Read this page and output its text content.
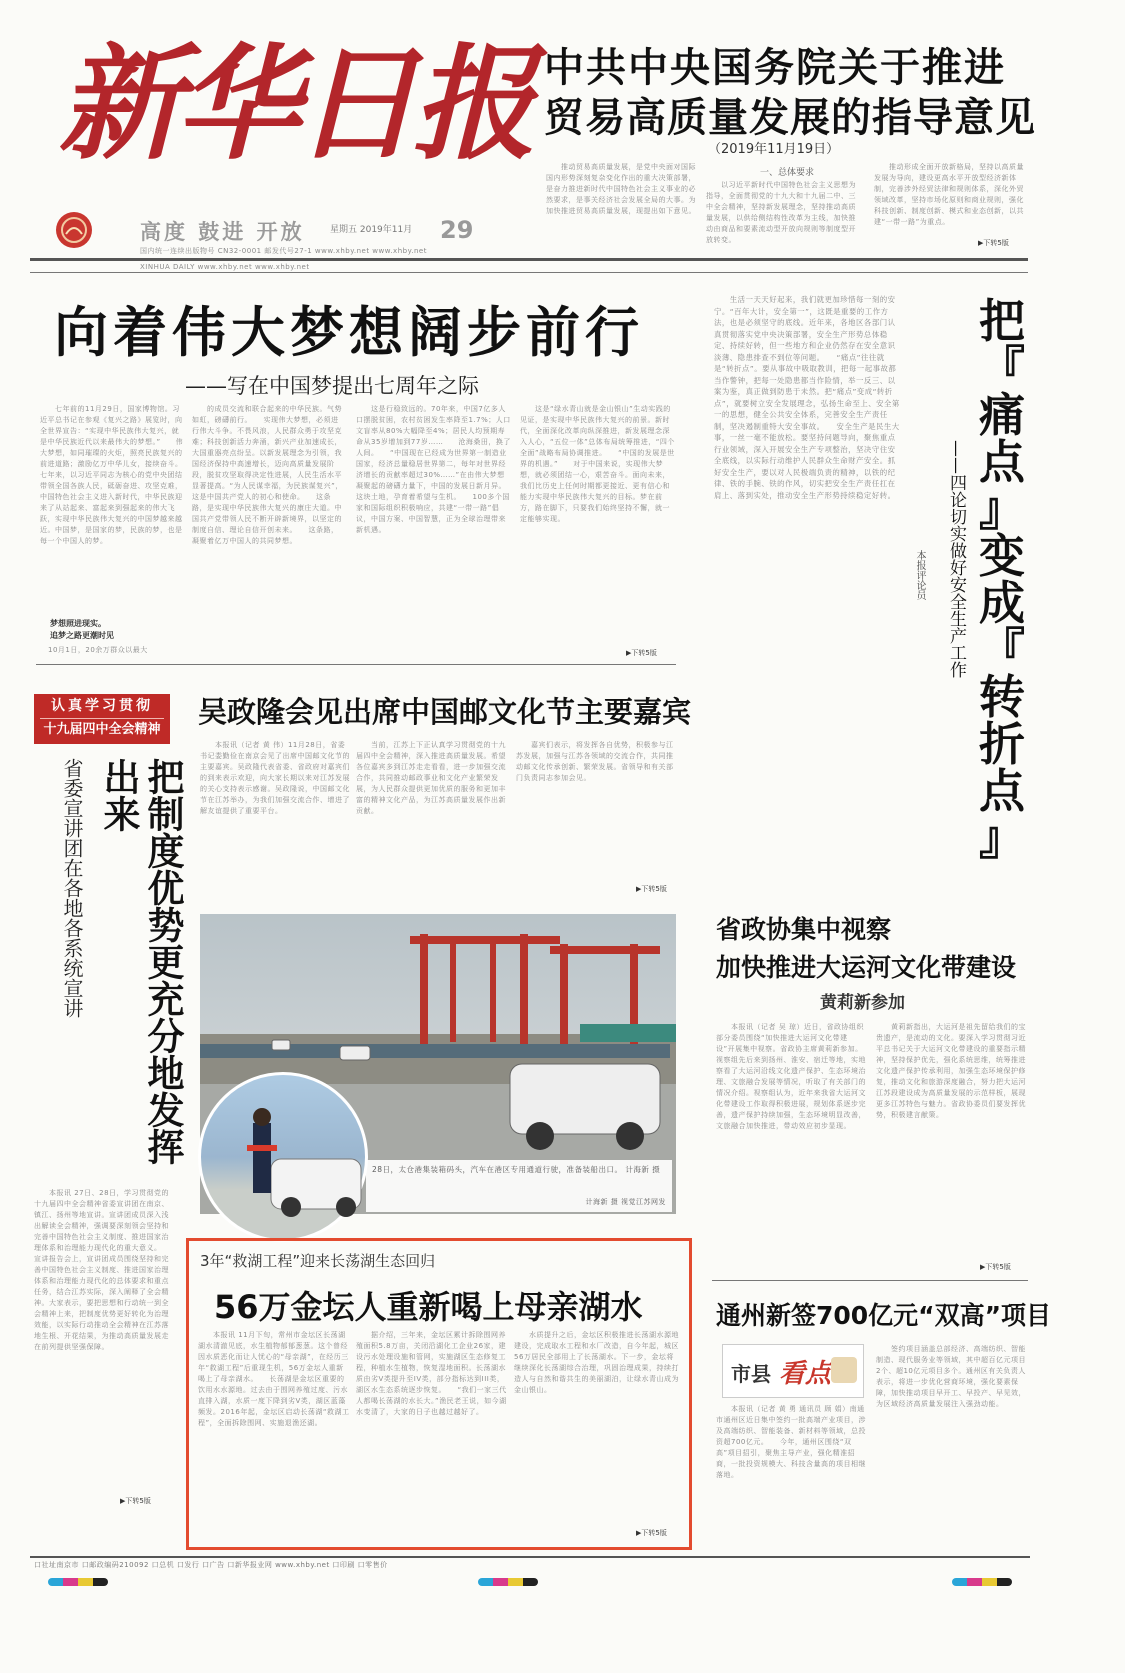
新华日报
高度 鼓进 开放	星期五 2019年11月	29
国内统一连续出版物号 CN32-0001 邮发代号27-1 www.xhby.net www.xhby.net
中共中央国务院关于推进
贸易高质量发展的指导意见
（2019年11月19日）
　　推动贸易高质量发展，是党中央面对国际国内形势深刻复杂变化作出的重大决策部署，是奋力推进新时代中国特色社会主义事业的必然要求，是事关经济社会发展全局的大事。为加快推进贸易高质量发展，现提出如下意见。
一、总体要求
　　以习近平新时代中国特色社会主义思想为指导，全面贯彻党的十九大和十九届二中、三中全会精神，坚持新发展理念，坚持推动高质量发展，以供给侧结构性改革为主线，加快推动由商品和要素流动型开放向规则等制度型开放转变。
　　推动形成全面开放新格局，坚持以高质量发展为导向，建设更高水平开放型经济新体制，完善涉外经贸法律和规则体系，深化外贸领域改革，坚持市场化原则和商业规则，强化科技创新、制度创新、模式和业态创新，以共建“一带一路”为重点。
▶下转5版
XINHUA DAILY www.xhby.net www.xhby.net
向着伟大梦想阔步前行
——写在中国梦提出七周年之际
　　七年前的11月29日，国家博物馆。习近平总书记在参观《复兴之路》展览时，向全世界宣告：“实现中华民族伟大复兴，就是中华民族近代以来最伟大的梦想。”　　伟大梦想，如同璀璨的火炬，照亮民族复兴的前进道路；激励亿万中华儿女，接续奋斗。七年来，以习近平同志为核心的党中央团结带领全国各族人民，砥砺奋进、攻坚克难，中国特色社会主义进入新时代，中华民族迎来了从站起来、富起来到强起来的伟大飞跃，实现中华民族伟大复兴的中国梦越来越近。中国梦，是国家的梦，民族的梦，也是每一个中国人的梦。
梦想照进现实。
追梦之路更潮时见
10月1日，20余万群众以最大
　　的成员交流和联合起来的中华民族。气势如虹，磅礴前行。　　实现伟大梦想，必须进行伟大斗争。不畏风浪，人民群众勇于攻坚克难；科技创新活力奔涌，新兴产业加速成长，大国重器亮点纷呈。以新发展理念为引领，我国经济保持中高速增长，迈向高质量发展阶段，脱贫攻坚取得决定性进展，人民生活水平显著提高。“为人民谋幸福，为民族谋复兴”，这是中国共产党人的初心和使命。　　这条路，是实现中华民族伟大复兴的康庄大道。中国共产党带领人民不断开辟新境界，以坚定的制度自信、理论自信开创未来。　　这条路，凝聚着亿万中国人的共同梦想。
　　这是行稳致远的。70年来，中国7亿多人口摆脱贫困，农村贫困发生率降至1.7%；人口文盲率从80%大幅降至4%；居民人均预期寿命从35岁增加到77岁……　　沧海桑田，换了人间。　　“中国现在已经成为世界第一制造业国家，经济总量稳居世界第二，每年对世界经济增长的贡献率超过30%……”在由伟大梦想凝聚起的磅礴力量下，中国的发展日新月异。　　这块土地，孕育着希望与生机。　　100多个国家和国际组织积极响应，共建“一带一路”倡议，中国方案、中国智慧，正为全球治理带来新机遇。
　　这是“绿水青山就是金山银山”生动实践的见证，是实现中华民族伟大复兴的前景。新时代，全面深化改革向纵深推进，新发展理念深入人心，“五位一体”总体布局统筹推进，“四个全面”战略布局协调推进。　　“中国的发展是世界的机遇。”　　对于中国来说，实现伟大梦想，就必须团结一心，艰苦奋斗。面向未来，我们比历史上任何时期都更接近、更有信心和能力实现中华民族伟大复兴的目标。梦在前方，路在脚下，只要我们始终坚持不懈，就一定能够实现。
▶下转5版
　　生活一天天好起来，我们就更加珍惜每一刻的安宁。“百年大计，安全第一”，这既是重要的工作方法，也是必须坚守的底线。近年来，各地区各部门认真贯彻落实党中央决策部署，安全生产形势总体稳定、持续好转，但一些地方和企业仍然存在安全意识淡薄、隐患排查不到位等问题。　　“痛点”往往就是“转折点”。要从事故中吸取教训，把每一起事故都当作警钟，把每一处隐患都当作险情，举一反三、以案为鉴，真正做到防患于未然。把“痛点”变成“转折点”，就要树立安全发展理念，弘扬生命至上、安全第一的思想，健全公共安全体系，完善安全生产责任制，坚决遏制重特大安全事故。　　安全生产是民生大事，一丝一毫不能放松。要坚持问题导向，聚焦重点行业领域，深入开展安全生产专项整治，坚决守住安全底线，以实际行动维护人民群众生命财产安全。抓好安全生产，要以对人民极端负责的精神，以铁的纪律、铁的手腕、铁的作风，切实把安全生产责任扛在肩上、落到实处，推动安全生产形势持续稳定好转。
把
『
痛
点
』
变
成
『
转
折
点
』
——四论切实做好安全生产工作
本报评论员
认真学习贯彻
十九届四中全会精神
省委宣讲团在各地各系统宣讲	把制度优势更充分地发挥出来
　　本报讯 27日、28日，学习贯彻党的十九届四中全会精神省委宣讲团在南京、镇江、扬州等地宣讲。宣讲团成员深入浅出解读全会精神，强调要深刻领会坚持和完善中国特色社会主义制度、推进国家治理体系和治理能力现代化的重大意义。　　宣讲报告会上，宣讲团成员围绕坚持和完善中国特色社会主义制度、推进国家治理体系和治理能力现代化的总体要求和重点任务，结合江苏实际，深入阐释了全会精神。大家表示，要把思想和行动统一到全会精神上来，把制度优势更好转化为治理效能，以实际行动推动全会精神在江苏落地生根、开花结果，为推动高质量发展走在前列提供坚强保障。
▶下转5版
吴政隆会见出席中国邮文化节主要嘉宾
　　本报讯（记者 黄 伟）11月28日，省委书记娄勤俭在南京会见了出席中国邮文化节的主要嘉宾。吴政隆代表省委、省政府对嘉宾们的到来表示欢迎，向大家长期以来对江苏发展的关心支持表示感谢。吴政隆说，中国邮文化节在江苏举办，为我们加强交流合作、增进了解友谊提供了重要平台。
　　当前，江苏上下正认真学习贯彻党的十九届四中全会精神，深入推进高质量发展。希望各位嘉宾多到江苏走走看看，进一步加强交流合作，共同推动邮政事业和文化产业繁荣发展，为人民群众提供更加优质的服务和更加丰富的精神文化产品，为江苏高质量发展作出新贡献。
　　嘉宾们表示，将发挥各自优势，积极参与江苏发展，加强与江苏各领域的交流合作，共同推动邮文化传承创新、繁荣发展。省领导和有关部门负责同志参加会见。
▶下转5版
28日，太仓港集装箱码头，汽车在港区专用通道行驶，准备装船出口。 计海新 摄
计海新 摄 视觉江苏网发
省政协集中视察
加快推进大运河文化带建设
黄莉新参加
　　本报讯（记者 吴 琼）近日，省政协组织部分委员围绕“加快推进大运河文化带建设”开展集中视察。省政协主席黄莉新参加。视察组先后来到扬州、淮安、宿迁等地，实地察看了大运河沿线文化遗产保护、生态环境治理、文旅融合发展等情况，听取了有关部门的情况介绍。视察组认为，近年来我省大运河文化带建设工作取得积极进展，规划体系逐步完善，遗产保护持续加强，生态环境明显改善，文旅融合加快推进，带动效应初步显现。
　　黄莉新指出，大运河是祖先留给我们的宝贵遗产，是流动的文化。要深入学习贯彻习近平总书记关于大运河文化带建设的重要指示精神，坚持保护优先，强化系统思维，统筹推进文化遗产保护传承利用，加强生态环境保护修复，推动文化和旅游深度融合，努力把大运河江苏段建设成为高质量发展的示范样板，展现更多江苏特色与魅力。省政协委员们要发挥优势，积极建言献策。
▶下转5版
3年“救湖工程”迎来长荡湖生态回归
56万金坛人重新喝上母亲湖水
　　本报讯 11月下旬，常州市金坛区长荡湖湖水清澈见底，水生植物郁郁葱葱。这个曾经因水质恶化而让人忧心的“母亲湖”，在经历三年“救湖工程”后重现生机，56万金坛人重新喝上了母亲湖水。　　长荡湖是金坛区重要的饮用水水源地。过去由于围网养殖过度、污水直排入湖，水质一度下降到劣V类，湖区蓝藻频发。2016年起，金坛区启动长荡湖“救湖工程”，全面拆除围网、实施退渔还湖。
　　据介绍，三年来，金坛区累计拆除围网养殖面积5.8万亩，关闭沿湖化工企业26家，建设污水处理设施和管网，实施湖区生态修复工程，种植水生植物，恢复湿地面积。长荡湖水质由劣V类提升至IV类，部分指标达到III类，湖区水生态系统逐步恢复。　　“我们一家三代人都喝长荡湖的水长大。”渔民老王说，如今湖水变清了，大家的日子也越过越好了。
　　水质提升之后，金坛区积极推进长荡湖水源地建设，完成取水工程和水厂改造，自今年起，城区56万居民全部用上了长荡湖水。下一步，金坛将继续深化长荡湖综合治理，巩固治理成果，持续打造人与自然和谐共生的美丽湖泊，让绿水青山成为金山银山。
▶下转5版
通州新签700亿元“双高”项目
市县 看点
　　本报讯（记者 黄 勇 通讯员 顾 娟）南通市通州区近日集中签约一批高端产业项目，涉及高端纺织、智能装备、新材料等领域，总投资超700亿元。　　今年，通州区围绕“双高”项目招引，聚焦主导产业，强化精准招商，一批投资规模大、科技含量高的项目相继落地。
　　签约项目涵盖总部经济、高端纺织、智能制造、现代服务业等领域，其中超百亿元项目2个、超10亿元项目多个。通州区有关负责人表示，将进一步优化营商环境，强化要素保障，加快推动项目早开工、早投产、早见效，为区域经济高质量发展注入强劲动能。
口社址南京市 口邮政编码210092 口总机 口发行 口广告 口新华报业网 www.xhby.net 口印刷 口零售价
